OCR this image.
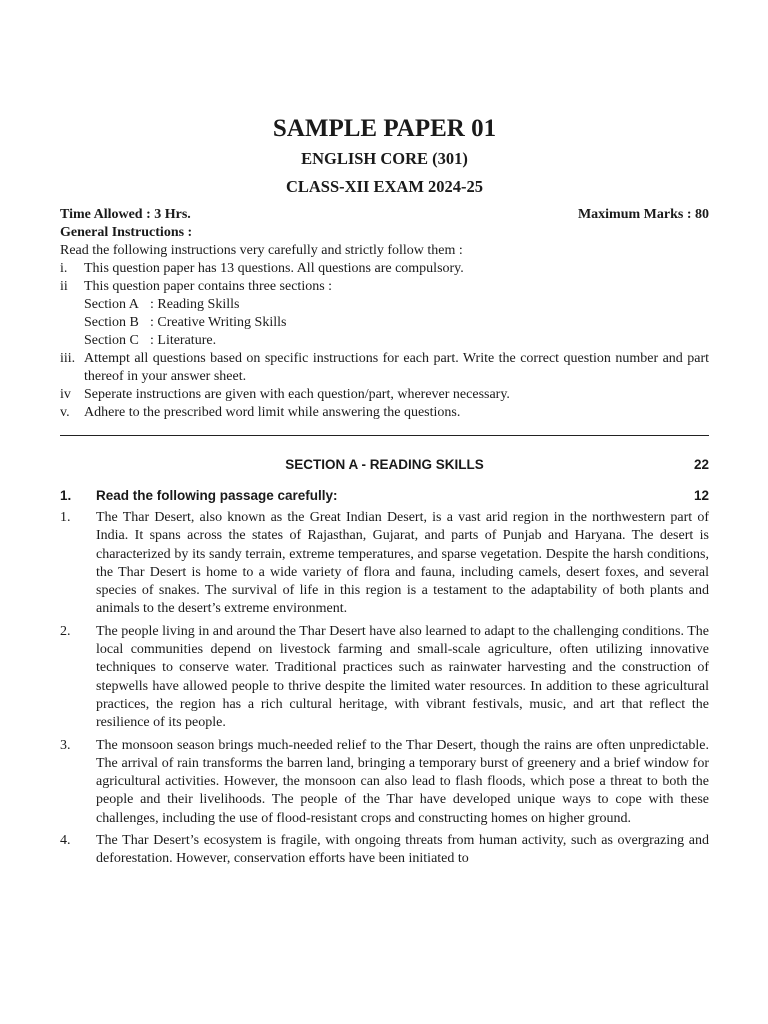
SAMPLE PAPER 01
ENGLISH CORE (301)
CLASS-XII EXAM 2024-25
Time Allowed : 3 Hrs.	Maximum Marks : 80
General Instructions :
Read the following instructions very carefully and strictly follow them :
i.	This question paper has 13 questions. All questions are compulsory.
ii	This question paper contains three sections :
Section A : Reading Skills
Section B : Creative Writing Skills
Section C : Literature.
iii. Attempt all questions based on specific instructions for each part. Write the correct question number and part thereof in your answer sheet.
iv Seperate instructions are given with each question/part, wherever necessary.
v.	Adhere to the prescribed word limit while answering the questions.
SECTION A - READING SKILLS	22
1.	Read the following passage carefully:	12
1.	The Thar Desert, also known as the Great Indian Desert, is a vast arid region in the northwestern part of India. It spans across the states of Rajasthan, Gujarat, and parts of Punjab and Haryana. The desert is characterized by its sandy terrain, extreme temperatures, and sparse vegetation. Despite the harsh conditions, the Thar Desert is home to a wide variety of flora and fauna, including camels, desert foxes, and several species of snakes. The survival of life in this region is a testament to the adaptability of both plants and animals to the desert’s extreme environment.
2.	The people living in and around the Thar Desert have also learned to adapt to the challenging conditions. The local communities depend on livestock farming and small-scale agriculture, often utilizing innovative techniques to conserve water. Traditional practices such as rainwater harvesting and the construction of stepwells have allowed people to thrive despite the limited water resources. In addition to these agricultural practices, the region has a rich cultural heritage, with vibrant festivals, music, and art that reflect the resilience of its people.
3.	The monsoon season brings much-needed relief to the Thar Desert, though the rains are often unpredictable. The arrival of rain transforms the barren land, bringing a temporary burst of greenery and a brief window for agricultural activities. However, the monsoon can also lead to flash floods, which pose a threat to both the people and their livelihoods. The people of the Thar have developed unique ways to cope with these challenges, including the use of flood-resistant crops and constructing homes on higher ground.
4.	The Thar Desert’s ecosystem is fragile, with ongoing threats from human activity, such as overgrazing and deforestation. However, conservation efforts have been initiated to
